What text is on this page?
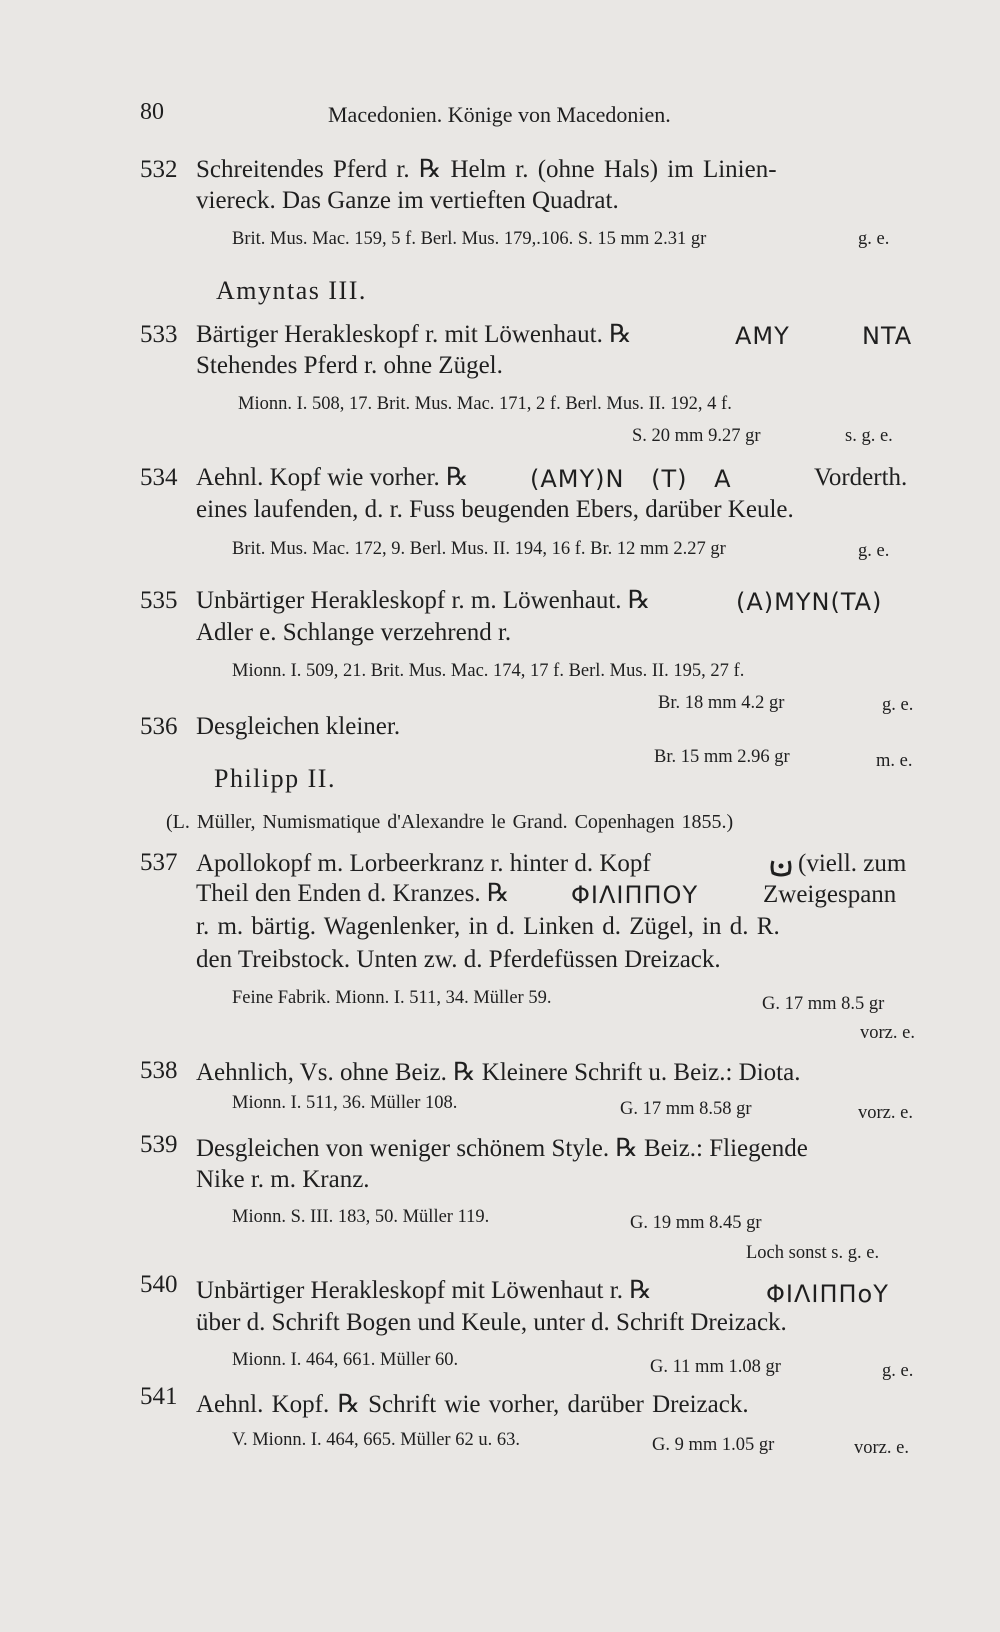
80	Macedonien. Könige von Macedonien.
532 Schreitendes Pferd r. ℞ Helm r. (ohne Hals) im Linien-
viereck. Das Ganze im vertieften Quadrat.
Brit. Mus. Mac. 159, 5 f. Berl. Mus. 179,.106. S. 15 mm 2.31 gr	g. e.
Amyntas III.
533 Bärtiger Herakleskopf r. mit Löwenhaut. ℞	AMY	NTA
Stehendes Pferd r. ohne Zügel.
Mionn. I. 508, 17. Brit. Mus. Mac. 171, 2 f. Berl. Mus. II. 192, 4 f.
S. 20 mm 9.27 gr	s. g. e.
534 Aehnl. Kopf wie vorher. ℞	(AMY)N (T) A	Vorderth.
eines laufenden, d. r. Fuss beugenden Ebers, darüber Keule.
Brit. Mus. Mac. 172, 9. Berl. Mus. II. 194, 16 f. Br. 12 mm 2.27 gr	g. e.
535 Unbärtiger Herakleskopf r. m. Löwenhaut. ℞	(A)MYN(TA)
Adler e. Schlange verzehrend r.
Mionn. I. 509, 21. Brit. Mus. Mac. 174, 17 f. Berl. Mus. II. 195, 27 f.
Br. 18 mm 4.2 gr	g. e.
536 Desgleichen kleiner.
Br. 15 mm 2.96 gr	m. e.
Philipp II.
(L. Müller, Numismatique d'Alexandre le Grand. Copenhagen 1855.)
537 Apollokopf m. Lorbeerkranz r. hinter d. Kopf	(viell. zum
Theil den Enden d. Kranzes. ℞	ΦΙΛΙΠΠΟΥ	Zweigespann
r. m. bärtig. Wagenlenker, in d. Linken d. Zügel, in d. R.
den Treibstock. Unten zw. d. Pferdefüssen Dreizack.
Feine Fabrik. Mionn. I. 511, 34. Müller 59.	G. 17 mm 8.5 gr
vorz. e.
538 Aehnlich, Vs. ohne Beiz. ℞ Kleinere Schrift u. Beiz.: Diota.
Mionn. I. 511, 36. Müller 108.	G. 17 mm 8.58 gr	vorz. e.
539 Desgleichen von weniger schönem Style. ℞ Beiz.: Fliegende
Nike r. m. Kranz.
Mionn. S. III. 183, 50. Müller 119.	G. 19 mm 8.45 gr
Loch sonst s. g. e.
540 Unbärtiger Herakleskopf mit Löwenhaut r. ℞	ΦΙΛΙΠΠοΥ
über d. Schrift Bogen und Keule, unter d. Schrift Dreizack.
Mionn. I. 464, 661. Müller 60.	G. 11 mm 1.08 gr	g. e.
541 Aehnl. Kopf. ℞ Schrift wie vorher, darüber Dreizack.
V. Mionn. I. 464, 665. Müller 62 u. 63.	G. 9 mm 1.05 gr	vorz. e.
